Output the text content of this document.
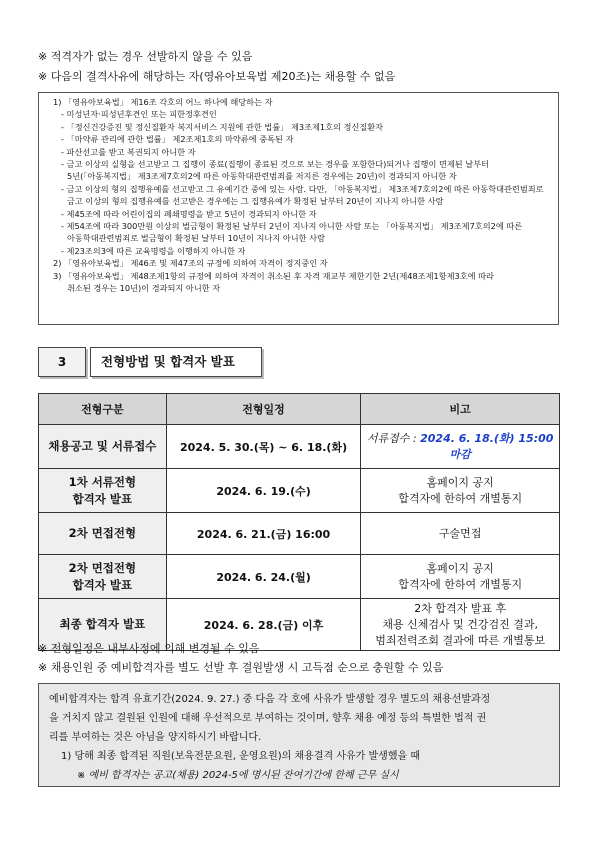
※ 적격자가 없는 경우 선발하지 않을 수 있음
※ 다음의 결격사유에 해당하는 자(영유아보육법 제20조)는 채용할 수 없음
1) 「영유아보육법」 제16조 각호의 어느 하나에 해당하는 자
- 미성년자·피성년후견인 또는 피한정후견인
- 「정신건강증진 및 정신질환자 복지서비스 지원에 관한 법률」 제3조제1호의 정신질환자
- 「마약류 관리에 관한 법률」 제2조제1호의 마약류에 중독된 자
- 파산선고를 받고 복권되지 아니한 자
- 금고 이상의 실형을 선고받고 그 집행이 종료(집행이 종료된 것으로 보는 경우를 포함한다)되거나 집행이 면제된 날부터
5년(「아동복지법」 제3조제7호의2에 따른 아동학대관련범죄를 저지른 경우에는 20년)이 경과되지 아니한 자
- 금고 이상의 형의 집행유예를 선고받고 그 유예기간 중에 있는 사람. 다만, 「아동복지법」 제3조제7호의2에 따른 아동학대관련범죄로
금고 이상의 형의 집행유예를 선고받은 경우에는 그 집행유예가 확정된 날부터 20년이 지나지 아니한 사람
- 제45조에 따라 어린이집의 폐쇄명령을 받고 5년이 경과되지 아니한 자
- 제54조에 따라 300만원 이상의 벌금형이 확정된 날부터 2년이 지나지 아니한 사람 또는 「아동복지법」 제3조제7호의2에 따른
아동학대관련범죄로 벌금형이 확정된 날부터 10년이 지나지 아니한 사람
- 제23조의3에 따른 교육명령을 이행하지 아니한 자
2) 「영유아보육법」 제46조 및 제47조의 규정에 의하여 자격이 정지중인 자
3) 「영유아보육법」 제48조제1항의 규정에 의하여 자격이 취소된 후 자격 재교부 제한기한 2년(제48조제1항제3호에 따라
취소된 경우는 10년)이 경과되지 아니한 자
3	전형방법 및 합격자 발표
전형구분	전형일정	비고
채용공고 및 서류접수	2024. 5. 30.(목) ~ 6. 18.(화)	서류접수 : 2024. 6. 18.(화) 15:00 마감
1차 서류전형
합격자 발표	2024. 6. 19.(수)	홈페이지 공지
합격자에 한하여 개별통지
2차 면접전형	2024. 6. 21.(금) 16:00	구술면접
2차 면접전형
합격자 발표	2024. 6. 24.(월)	홈페이지 공지
합격자에 한하여 개별통지
최종 합격자 발표	2024. 6. 28.(금) 이후	2차 합격자 발표 후
채용 신체검사 및 건강검진 결과,
범죄전력조회 결과에 따른 개별통보
※ 전형일정은 내부사정에 의해 변경될 수 있음
※ 채용인원 중 예비합격자를 별도 선발 후 결원발생 시 고득점 순으로 충원할 수 있음
예비합격자는 합격 유효기간(2024. 9. 27.) 중 다음 각 호에 사유가 발생할 경우 별도의 채용선발과정
을 거치지 않고 결원된 인원에 대해 우선적으로 부여하는 것이며, 향후 채용 예정 등의 특별한 법적 권
리를 부여하는 것은 아님을 양지하시기 바랍니다.
1) 당해 최종 합격된 직원(보육전문요원, 운영요원)의 채용결격 사유가 발생했을 때
※ 예비 합격자는 공고(채용) 2024-5에 명시된 잔여기간에 한해 근무 실시
